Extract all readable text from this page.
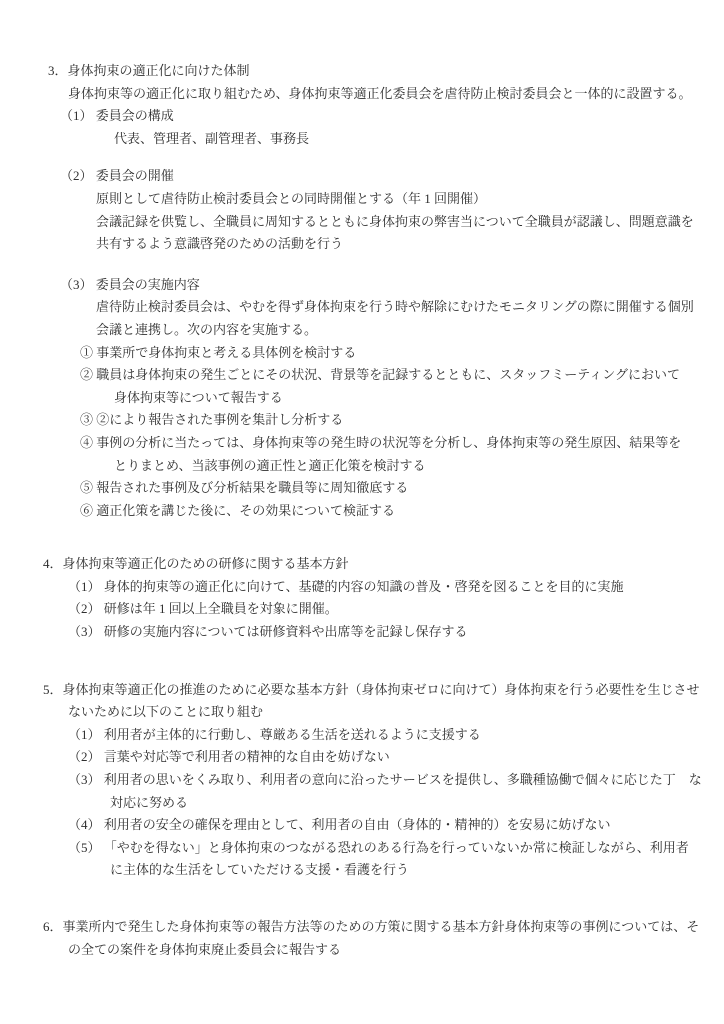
3．身体拘束の適正化に向けた体制

身体拘束等の適正化に取り組むため、身体拘束等適正化委員会を虐待防止検討委員会と一体的に設置する。

（1） 委員会の構成

代表、管理者、副管理者、事務長

（2） 委員会の開催

原則として虐待防止検討委員会との同時開催とする（年 1 回開催）

会議記録を供覧し、全職員に周知するとともに身体拘束の弊害当について全職員が認議し、問題意識を

共有するよう意識啓発のための活動を行う

（3） 委員会の実施内容

虐待防止検討委員会は、やむを得ず身体拘束を行う時や解除にむけたモニタリングの際に開催する個別

会議と連携し。次の内容を実施する。

① 事業所で身体拘束と考える具体例を検討する

② 職員は身体拘束の発生ごとにその状況、背景等を記録するとともに、スタッフミーティングにおいて

身体拘束等について報告する

③ ②により報告された事例を集計し分析する

④ 事例の分析に当たっては、身体拘束等の発生時の状況等を分析し、身体拘束等の発生原因、結果等を

とりまとめ、当該事例の適正性と適正化策を検討する

⑤ 報告された事例及び分析結果を職員等に周知徹底する

⑥ 適正化策を講じた後に、その効果について検証する

4．身体拘束等適正化のための研修に関する基本方針

（1） 身体的拘束等の適正化に向けて、基礎的内容の知識の普及・啓発を図ることを目的に実施

（2） 研修は年 1 回以上全職員を対象に開催。

（3） 研修の実施内容については研修資料や出席等を記録し保存する

5．身体拘束等適正化の推進のために必要な基本方針（身体拘束ゼロに向けて）身体拘束を行う必要性を生じさせ

ないために以下のことに取り組む

（1） 利用者が主体的に行動し、尊厳ある生活を送れるように支援する

（2） 言葉や対応等で利用者の精神的な自由を妨げない

（3） 利用者の思いをくみ取り、利用者の意向に沿ったサービスを提供し、多職種協働で個々に応じた丁　な

対応に努める

（4） 利用者の安全の確保を理由として、利用者の自由（身体的・精神的）を安易に妨げない

（5） 「やむを得ない」と身体拘束のつながる恐れのある行為を行っていないか常に検証しながら、利用者

に主体的な生活をしていただける支援・看護を行う

6．事業所内で発生した身体拘束等の報告方法等のための方策に関する基本方針身体拘束等の事例については、そ

の全ての案件を身体拘束廃止委員会に報告する
